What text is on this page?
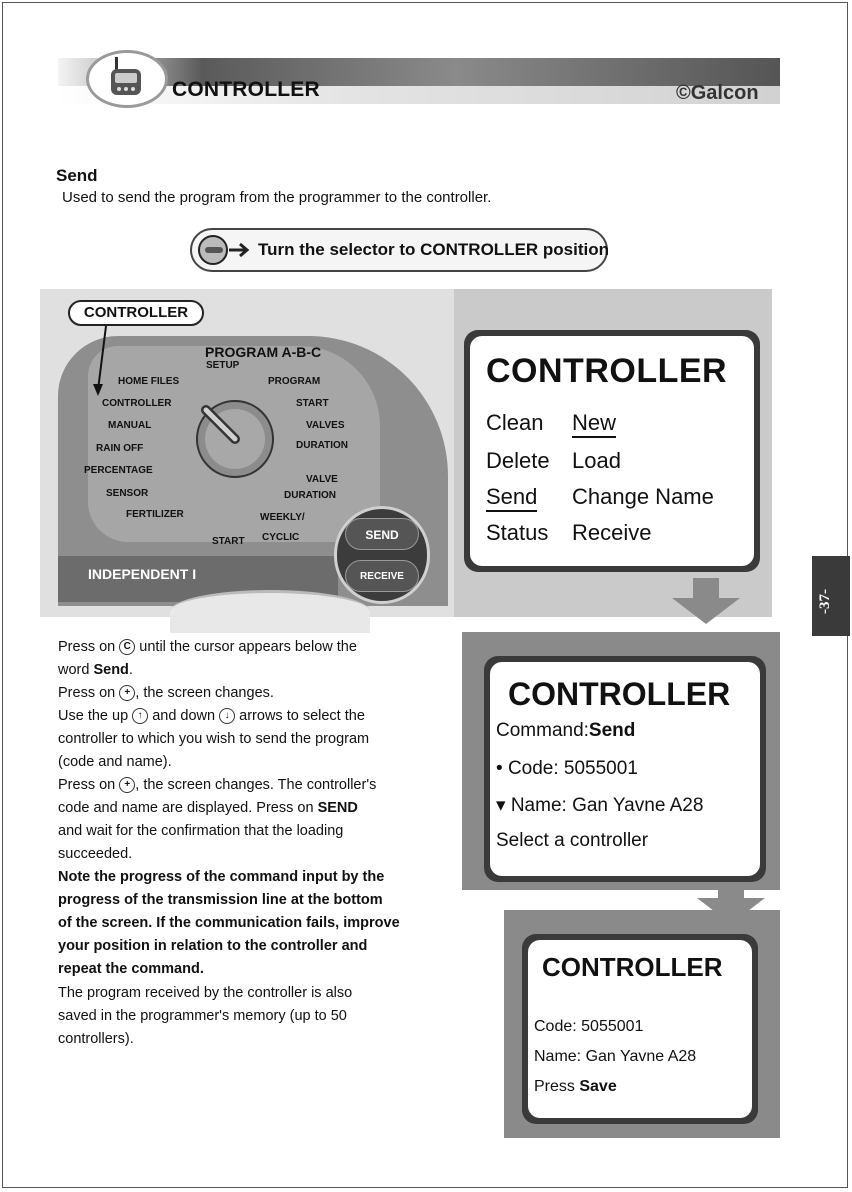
CONTROLLER	©Galcon
Send
Used to send the program from the programmer to the controller.
Turn the selector to CONTROLLER position
CONTROLLER
PROGRAM A-B-C
HOME FILES
CONTROLLER
MANUAL
RAIN OFF
PERCENTAGE
SENSOR
FERTILIZER
SETUP
PROGRAM
START
VALVES
DURATION
VALVE
DURATION
WEEKLY/
CYCLIC
START
INDEPENDENT I
SEND
RECEIVE
CONTROLLER
Clean New
Delete Load
Send Change Name
Status Receive
CONTROLLER
Command:Send
• Code: 5055001
▾ Name: Gan Yavne A28
Select a controller
CONTROLLER
Code: 5055001
Name: Gan Yavne A28
Press Save
Press on C until the cursor appears below the
word Send.
Press on + , the screen changes.
Use the up ↑ and down ↓ arrows to select the
controller to which you wish to send the program
(code and name).
Press on + , the screen changes. The controller's
code and name are displayed. Press on SEND
and wait for the confirmation that the loading
succeeded.
Note the progress of the command input by the
progress of the transmission line at the bottom
of the screen. If the communication fails, improve
your position in relation to the controller and
repeat the command.
The program received by the controller is also
saved in the programmer's memory (up to 50
controllers).
-37-
